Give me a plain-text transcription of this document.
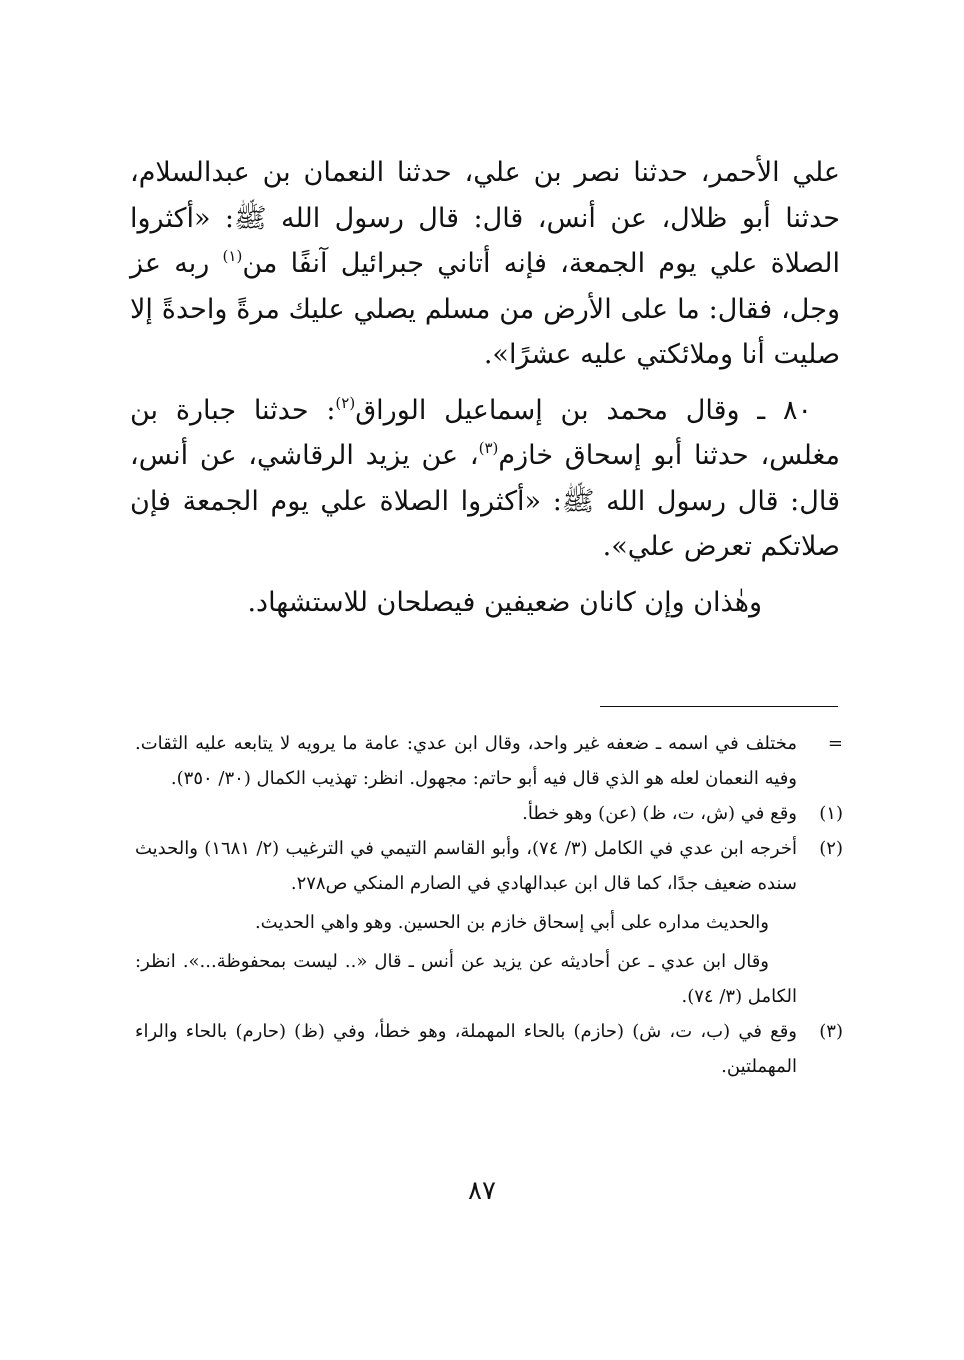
علي الأحمر، حدثنا نصر بن علي، حدثنا النعمان بن عبدالسلام، حدثنا أبو ظلال، عن أنس، قال: قال رسول الله ﷺ: «أكثروا الصلاة علي يوم الجمعة، فإنه أتاني جبرائيل آنفًا من$^{(١)}$ ربه عز وجل، فقال: ما على الأرض من مسلم يصلي عليك مرةً واحدةً إلا صليت أنا وملائكتي عليه عشرًا».

٨٠ ـ وقال محمد بن إسماعيل الوراق$^{(٢)}$: حدثنا جبارة بن مغلس، حدثنا أبو إسحاق خازم$^{(٣)}$، عن يزيد الرقاشي، عن أنس، قال: قال رسول الله ﷺ: «أكثروا الصلاة علي يوم الجمعة فإن صلاتكم تعرض علي».

وهٰذان وإن كانان ضعيفين فيصلحان للاستشهاد.

=
مختلف في اسمه ـ ضعفه غير واحد، وقال ابن عدي: عامة ما يرويه لا يتابعه عليه الثقات. وفيه النعمان لعله هو الذي قال فيه أبو حاتم: مجهول. انظر: تهذيب الكمال (٣٠/ ٣٥٠).
(١)
وقع في (ش، ت، ظ) (عن) وهو خطأ.
(٢)
أخرجه ابن عدي في الكامل (٣/ ٧٤)، وأبو القاسم التيمي في الترغيب (٢/ ١٦٨١) والحديث سنده ضعيف جدًا، كما قال ابن عبدالهادي في الصارم المنكي ص٢٧٨.
والحديث مداره على أبي إسحاق خازم بن الحسين. وهو واهي الحديث.
وقال ابن عدي ـ عن أحاديثه عن يزيد عن أنس ـ قال «.. ليست بمحفوظة...». انظر: الكامل (٣/ ٧٤).
(٣)
وقع في (ب، ت، ش) (حازم) بالحاء المهملة، وهو خطأ، وفي (ظ) (حارم) بالحاء والراء المهملتين.
٨٧
